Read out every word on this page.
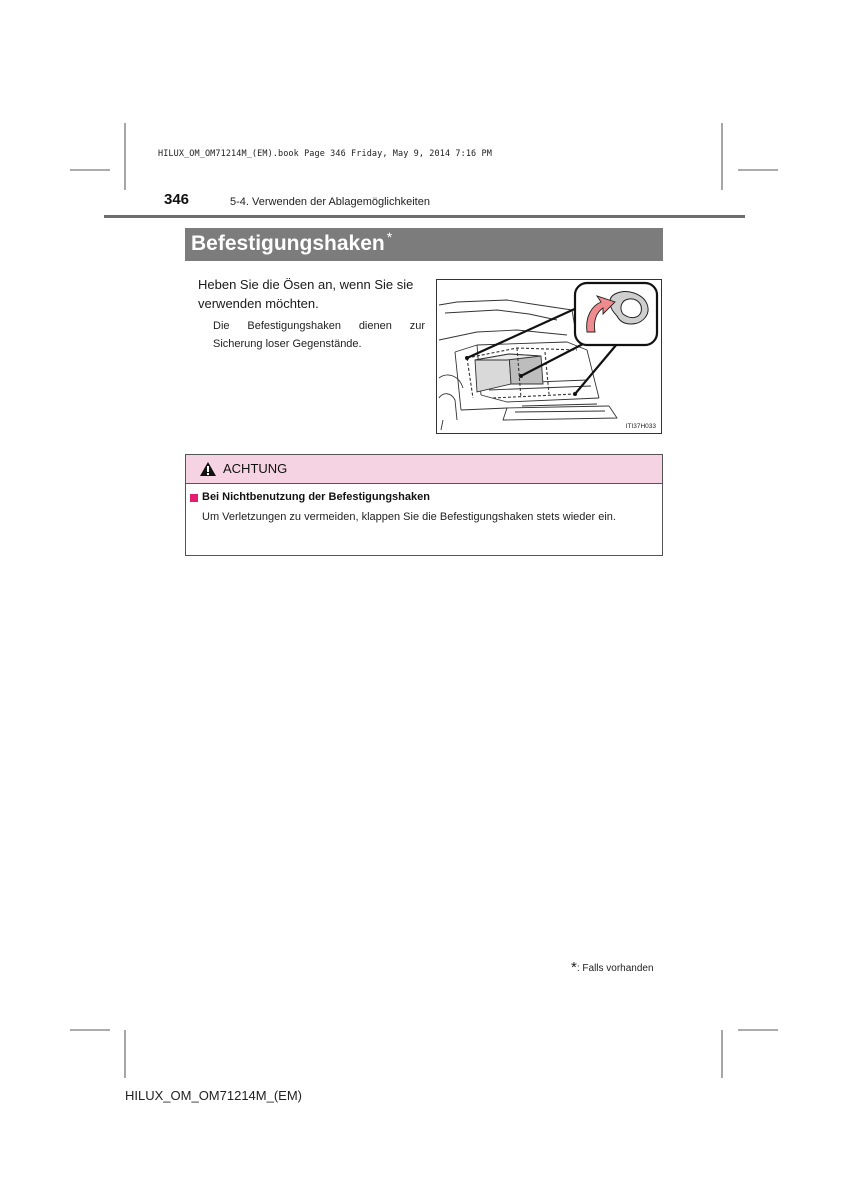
HILUX_OM_OM71214M_(EM).book Page 346 Friday, May 9, 2014 7:16 PM
346	5-4. Verwenden der Ablagemöglichkeiten
Befestigungshaken *
Heben Sie die Ösen an, wenn Sie sie verwenden möchten.
Die Befestigungshaken dienen zur Sicherung loser Gegenstände.
ITI37H033
ACHTUNG
Bei Nichtbenutzung der Befestigungshaken
Um Verletzungen zu vermeiden, klappen Sie die Befestigungshaken stets wieder ein.
*: Falls vorhanden
HILUX_OM_OM71214M_(EM)
